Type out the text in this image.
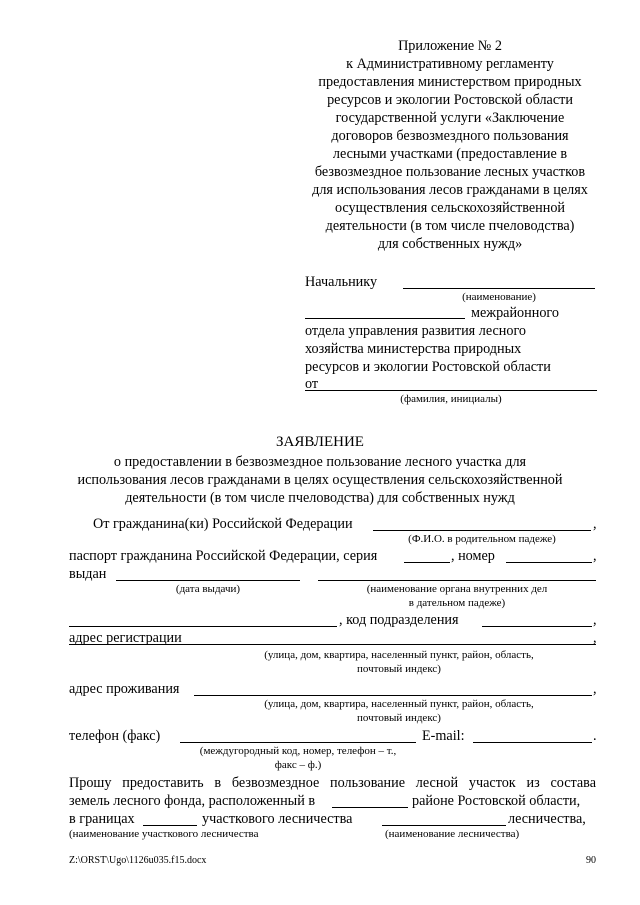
Приложение № 2
к Административному регламенту
предоставления министерством природных
ресурсов и экологии Ростовской области
государственной услуги «Заключение
договоров безвозмездного пользования
лесными участками (предоставление в
безвозмездное пользование лесных участков
для использования лесов гражданами в целях
осуществления сельскохозяйственной
деятельности (в том числе пчеловодства)
для собственных нужд»
Начальнику
(наименование)
межрайонного
отдела управления развития лесного
хозяйства министерства природных
ресурсов и экологии Ростовской области
от
(фамилия, инициалы)
ЗАЯВЛЕНИЕ
о предоставлении в безвозмездное пользование лесного участка для
использования лесов гражданами в целях осуществления сельскохозяйственной
деятельности (в том числе пчеловодства) для собственных нужд
От гражданина(ки) Российской Федерации	,
(Ф.И.О. в родительном падеже)
паспорт гражданина Российской Федерации, серия	, номер	,
выдан
(дата выдачи)	(наименование органа внутренних дел
в дательном падеже)
, код подразделения	,
адрес регистрации	,
(улица, дом, квартира, населенный пункт, район, область,
почтовый индекс)
адрес проживания	,
(улица, дом, квартира, населенный пункт, район, область,
почтовый индекс)
телефон (факс)	E-mail:	.
(междугородный код, номер, телефон – т.,
факс – ф.)
Прошу предоставить в безвозмездное пользование лесной участок из состава
земель лесного фонда, расположенный в	районе Ростовской области,
в границах	участкового лесничества	лесничества,
(наименование участкового лесничества	(наименование лесничества)
Z:\ORST\Ugo\1126u035.f15.docx	90
